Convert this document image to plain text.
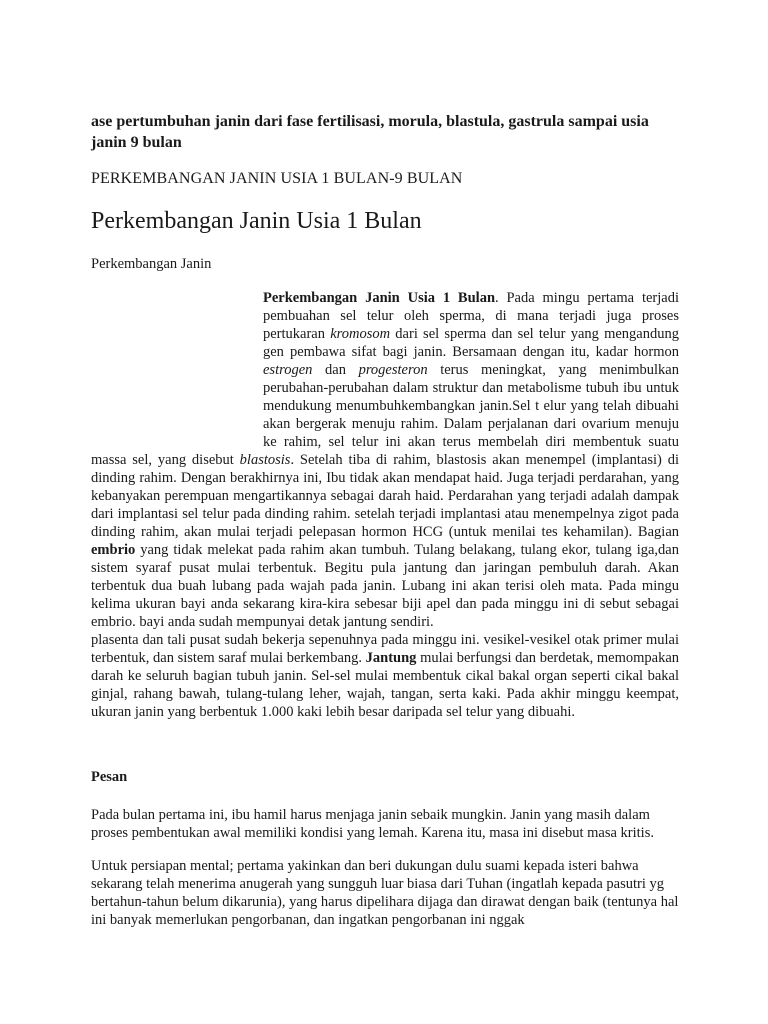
ase pertumbuhan janin dari fase fertilisasi, morula, blastula, gastrula sampai usia janin 9 bulan

PERKEMBANGAN JANIN USIA 1 BULAN-9 BULAN

Perkembangan Janin Usia 1 Bulan

Perkembangan Janin

Perkembangan Janin Usia 1 Bulan. Pada mingu pertama terjadi pembuahan sel telur oleh sperma, di mana terjadi juga proses pertukaran kromosom dari sel sperma dan sel telur yang mengandung gen pembawa sifat bagi janin. Bersamaan dengan itu, kadar hormon estrogen dan progesteron terus meningkat, yang menimbulkan perubahan-perubahan dalam struktur dan metabolisme tubuh ibu untuk mendukung menumbuhkembangkan janin.Sel t elur yang telah dibuahi akan bergerak menuju rahim. Dalam perjalanan dari ovarium menuju ke rahim, sel telur ini akan terus membelah diri membentuk suatu massa sel, yang disebut blastosis. Setelah tiba di rahim, blastosis akan menempel (implantasi) di dinding rahim. Dengan berakhirnya ini, Ibu tidak akan mendapat haid. Juga terjadi perdarahan, yang kebanyakan perempuan mengartikannya sebagai darah haid. Perdarahan yang terjadi adalah dampak dari implantasi sel telur pada dinding rahim. setelah terjadi implantasi atau menempelnya zigot pada dinding rahim, akan mulai terjadi pelepasan hormon HCG (untuk menilai tes kehamilan). Bagian embrio yang tidak melekat pada rahim akan tumbuh. Tulang belakang, tulang ekor, tulang iga,dan sistem syaraf pusat mulai terbentuk. Begitu pula jantung dan jaringan pembuluh darah. Akan terbentuk dua buah lubang pada wajah pada janin. Lubang ini akan terisi oleh mata. Pada mingu kelima ukuran bayi anda sekarang kira-kira sebesar biji apel dan pada minggu ini di sebut sebagai embrio. bayi anda sudah mempunyai detak jantung sendiri.

plasenta dan tali pusat sudah bekerja sepenuhnya pada minggu ini. vesikel-vesikel otak primer mulai terbentuk, dan sistem saraf mulai berkembang. Jantung mulai berfungsi dan berdetak, memompakan darah ke seluruh bagian tubuh janin. Sel-sel mulai membentuk cikal bakal organ seperti cikal bakal ginjal, rahang bawah, tulang-tulang leher, wajah, tangan, serta kaki. Pada akhir minggu keempat, ukuran janin yang berbentuk 1.000 kaki lebih besar daripada sel telur yang dibuahi.

Pesan

Pada bulan pertama ini, ibu hamil harus menjaga janin sebaik mungkin. Janin yang masih dalam proses pembentukan awal memiliki kondisi yang lemah. Karena itu, masa ini disebut masa kritis.

Untuk persiapan mental; pertama yakinkan dan beri dukungan dulu suami kepada isteri bahwa sekarang telah menerima anugerah yang sungguh luar biasa dari Tuhan (ingatlah kepada pasutri yg bertahun-tahun belum dikarunia), yang harus dipelihara dijaga dan dirawat dengan baik (tentunya hal ini banyak memerlukan pengorbanan, dan ingatkan pengorbanan ini nggak
